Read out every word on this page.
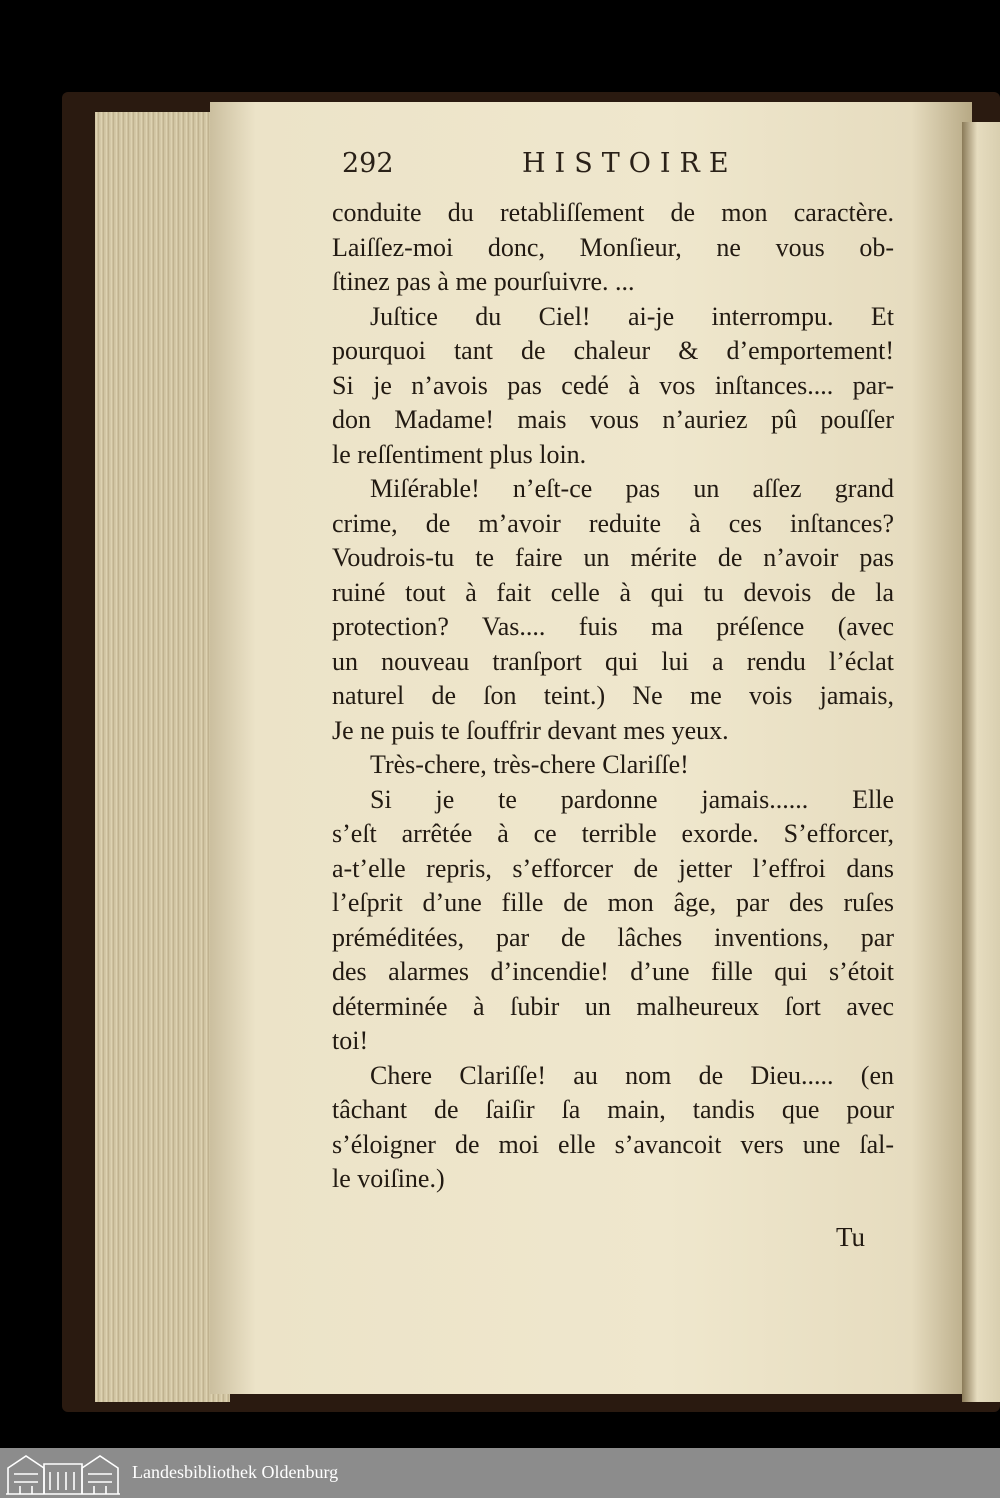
292	HISTOIRE
conduite du retabliſſement de mon caractère.
Laiſſez-moi donc, Monſieur, ne vous ob-
ſtinez pas à me pourſuivre. ...
Juſtice du Ciel! ai-je interrompu. Et
pourquoi tant de chaleur & d’emportement!
Si je n’avois pas cedé à vos inſtances.... par-
don Madame! mais vous n’auriez pû pouſſer
le reſſentiment plus loin.
Miſérable! n’eſt-ce pas un aſſez grand
crime, de m’avoir reduite à ces inſtances?
Voudrois-tu te faire un mérite de n’avoir pas
ruiné tout à fait celle à qui tu devois de la
protection? Vas.... fuis ma préſence (avec
un nouveau tranſport qui lui a rendu l’éclat
naturel de ſon teint.) Ne me vois jamais,
Je ne puis te ſouffrir devant mes yeux.
Très-chere, très-chere Clariſſe!
Si je te pardonne jamais...... Elle
s’eſt arrêtée à ce terrible exorde. S’efforcer,
a-t’elle repris, s’efforcer de jetter l’effroi dans
l’eſprit d’une fille de mon âge, par des ruſes
préméditées, par de lâches inventions, par
des alarmes d’incendie! d’une fille qui s’étoit
déterminée à ſubir un malheureux ſort avec
toi!
Chere Clariſſe! au nom de Dieu..... (en
tâchant de ſaiſir ſa main, tandis que pour
s’éloigner de moi elle s’avancoit vers une ſal-
le voiſine.)
Tu
Landesbibliothek Oldenburg
